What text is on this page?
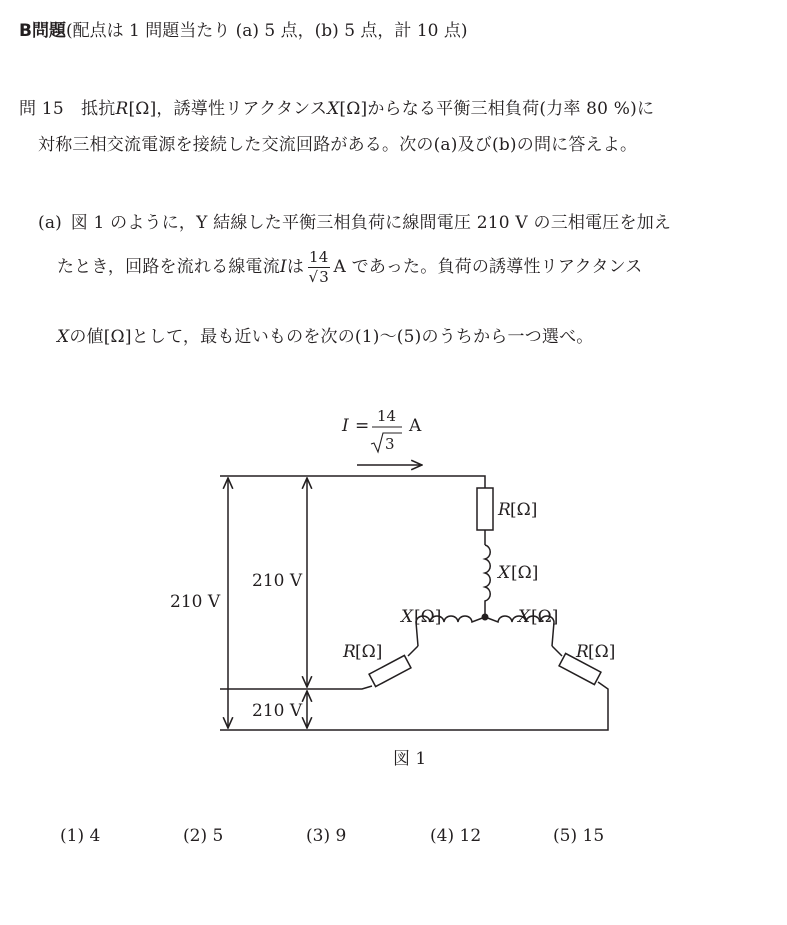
B問題(配点は 1 問題当たり (a) 5 点，(b) 5 点，計 10 点)
問 15　 抵抗R[Ω]，誘導性リアクタンスX[Ω]からなる平衡三相負荷(力率 80 %)に
対称三相交流電源を接続した交流回路がある。次の(a)及び(b)の問に答えよ。
(a)  図 1 のように，Y 結線した平衡三相負荷に線間電圧 210 V の三相電圧を加え
たとき，回路を流れる線電流Iは $\frac{14}{√3}$ A であった。負荷の誘導性リアクタンス
Xの値[Ω]として，最も近いものを次の(1)〜(5)のうちから一つ選べ。
I = 14
3
A
R [Ω]
X [Ω]
X [Ω]	X [Ω]
R [Ω]	R [Ω]
210 V
210 V
210 V
図 1
(1) 4	(2) 5	(3) 9	(4) 12	(5) 15
